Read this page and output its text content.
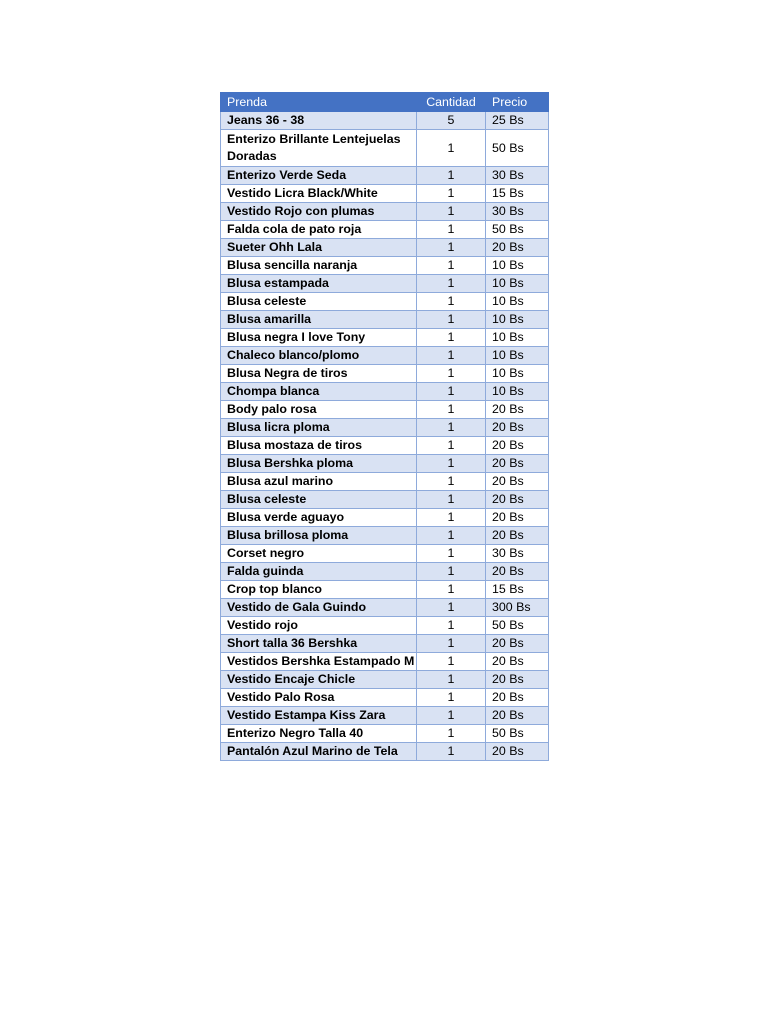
Prenda	Cantidad	Precio
Jeans 36 - 38	5	25 Bs
Enterizo Brillante Lentejuelas Doradas	1	50 Bs
Enterizo Verde Seda	1	30 Bs
Vestido Licra Black/White	1	15 Bs
Vestido Rojo con plumas	1	30 Bs
Falda cola de pato roja	1	50 Bs
Sueter Ohh Lala	1	20 Bs
Blusa sencilla naranja	1	10 Bs
Blusa estampada	1	10 Bs
Blusa celeste	1	10 Bs
Blusa amarilla	1	10 Bs
Blusa negra I love Tony	1	10 Bs
Chaleco blanco/plomo	1	10 Bs
Blusa Negra de tiros	1	10 Bs
Chompa blanca	1	10 Bs
Body palo rosa	1	20 Bs
Blusa licra ploma	1	20 Bs
Blusa mostaza de tiros	1	20 Bs
Blusa Bershka ploma	1	20 Bs
Blusa azul marino	1	20 Bs
Blusa celeste	1	20 Bs
Blusa verde aguayo	1	20 Bs
Blusa brillosa ploma	1	20 Bs
Corset negro	1	30 Bs
Falda guinda	1	20 Bs
Crop top blanco	1	15 Bs
Vestido de Gala Guindo	1	300 Bs
Vestido rojo	1	50 Bs
Short talla 36 Bershka	1	20 Bs
Vestidos Bershka Estampado M	1	20 Bs
Vestido Encaje Chicle	1	20 Bs
Vestido Palo Rosa	1	20 Bs
Vestido Estampa Kiss Zara	1	20 Bs
Enterizo Negro Talla 40	1	50 Bs
Pantalón Azul Marino de Tela	1	20 Bs
